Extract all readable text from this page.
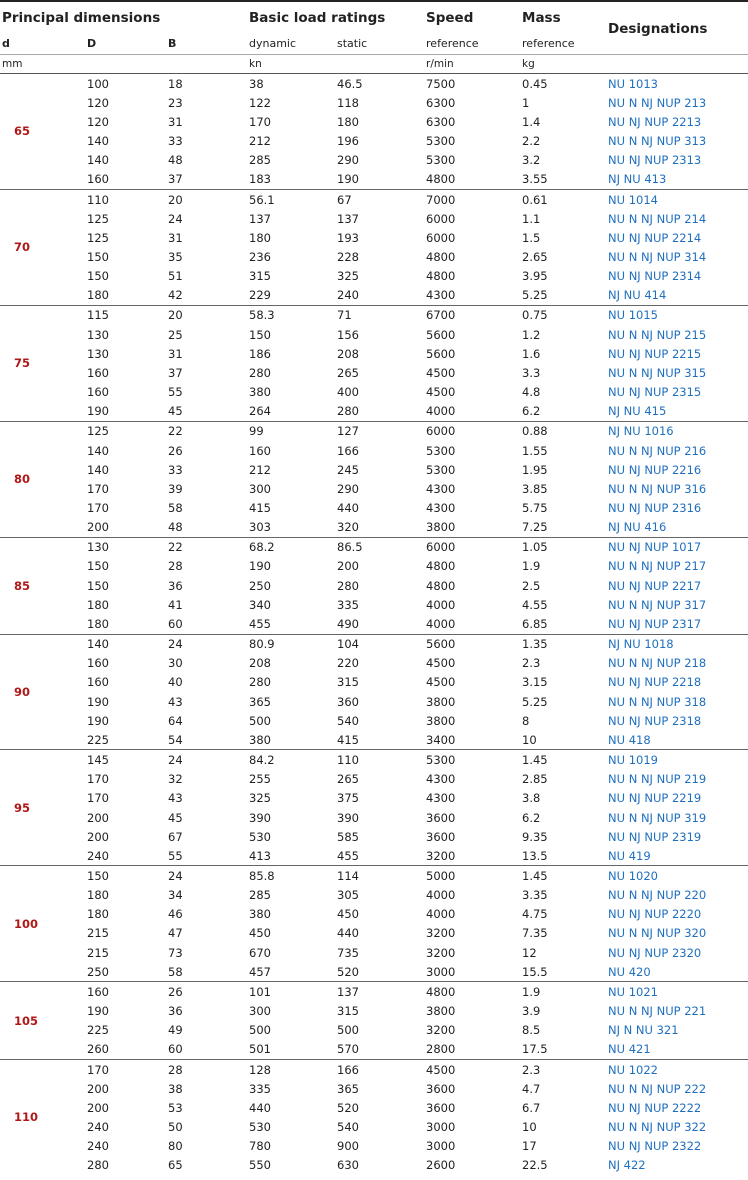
Principal dimensions			Basic load ratings		Speed	Mass	Designations
d	D	B	dynamic	static	reference	reference	
mm			kn		r/min	kg	
65	100	18	38	46.5	7500	0.45	NU 1013
	120	23	122	118	6300	1	NU N NJ NUP 213
	120	31	170	180	6300	1.4	NU NJ NUP 2213
	140	33	212	196	5300	2.2	NU N NJ NUP 313
	140	48	285	290	5300	3.2	NU NJ NUP 2313
	160	37	183	190	4800	3.55	NJ NU 413
70	110	20	56.1	67	7000	0.61	NU 1014
	125	24	137	137	6000	1.1	NU N NJ NUP 214
	125	31	180	193	6000	1.5	NU NJ NUP 2214
	150	35	236	228	4800	2.65	NU N NJ NUP 314
	150	51	315	325	4800	3.95	NU NJ NUP 2314
	180	42	229	240	4300	5.25	NJ NU 414
75	115	20	58.3	71	6700	0.75	NU 1015
	130	25	150	156	5600	1.2	NU N NJ NUP 215
	130	31	186	208	5600	1.6	NU NJ NUP 2215
	160	37	280	265	4500	3.3	NU N NJ NUP 315
	160	55	380	400	4500	4.8	NU NJ NUP 2315
	190	45	264	280	4000	6.2	NJ NU 415
80	125	22	99	127	6000	0.88	NJ NU 1016
	140	26	160	166	5300	1.55	NU N NJ NUP 216
	140	33	212	245	5300	1.95	NU NJ NUP 2216
	170	39	300	290	4300	3.85	NU N NJ NUP 316
	170	58	415	440	4300	5.75	NU NJ NUP 2316
	200	48	303	320	3800	7.25	NJ NU 416
85	130	22	68.2	86.5	6000	1.05	NU NJ NUP 1017
	150	28	190	200	4800	1.9	NU N NJ NUP 217
	150	36	250	280	4800	2.5	NU NJ NUP 2217
	180	41	340	335	4000	4.55	NU N NJ NUP 317
	180	60	455	490	4000	6.85	NU NJ NUP 2317
90	140	24	80.9	104	5600	1.35	NJ NU 1018
	160	30	208	220	4500	2.3	NU N NJ NUP 218
	160	40	280	315	4500	3.15	NU NJ NUP 2218
	190	43	365	360	3800	5.25	NU N NJ NUP 318
	190	64	500	540	3800	8	NU NJ NUP 2318
	225	54	380	415	3400	10	NU 418
95	145	24	84.2	110	5300	1.45	NU 1019
	170	32	255	265	4300	2.85	NU N NJ NUP 219
	170	43	325	375	4300	3.8	NU NJ NUP 2219
	200	45	390	390	3600	6.2	NU N NJ NUP 319
	200	67	530	585	3600	9.35	NU NJ NUP 2319
	240	55	413	455	3200	13.5	NU 419
100	150	24	85.8	114	5000	1.45	NU 1020
	180	34	285	305	4000	3.35	NU N NJ NUP 220
	180	46	380	450	4000	4.75	NU NJ NUP 2220
	215	47	450	440	3200	7.35	NU N NJ NUP 320
	215	73	670	735	3200	12	NU NJ NUP 2320
	250	58	457	520	3000	15.5	NU 420
105	160	26	101	137	4800	1.9	NU 1021
	190	36	300	315	3800	3.9	NU N NJ NUP 221
	225	49	500	500	3200	8.5	NJ N NU 321
	260	60	501	570	2800	17.5	NU 421
110	170	28	128	166	4500	2.3	NU 1022
	200	38	335	365	3600	4.7	NU N NJ NUP 222
	200	53	440	520	3600	6.7	NU NJ NUP 2222
	240	50	530	540	3000	10	NU N NJ NUP 322
	240	80	780	900	3000	17	NU NJ NUP 2322
	280	65	550	630	2600	22.5	NJ 422
